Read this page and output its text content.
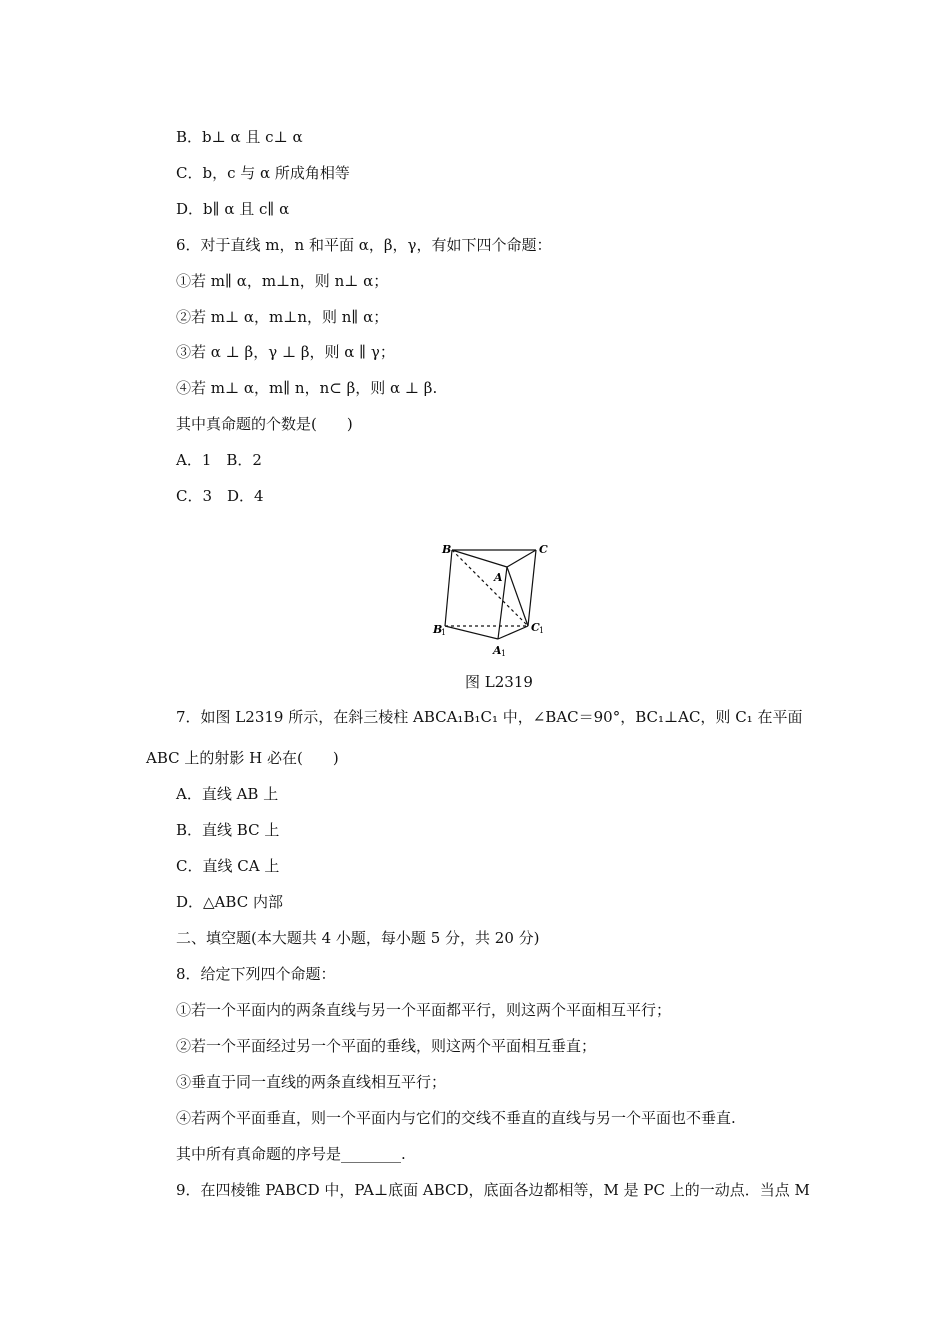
B．b⊥ α 且 c⊥ α
C．b，c 与 α 所成角相等
D．b∥ α 且 c∥ α
6．对于直线 m，n 和平面 α，β，γ，有如下四个命题：
①若 m∥ α，m⊥n，则 n⊥ α；
②若 m⊥ α，m⊥n，则 n∥ α；
③若 α ⊥ β，γ ⊥ β，则 α ∥ γ；
④若 m⊥ α，m∥ n，n⊂ β，则 α ⊥ β.
其中真命题的个数是(　　)
A．1　B．2
C．3　D．4
B	C
A
B
1	C 1
A 1
图 L2319
7．如图 L2319 所示，在斜三棱柱 ABCA₁B₁C₁ 中，∠BAC＝90°，BC₁⊥AC，则 C₁ 在平面
ABC 上的射影 H 必在(　　)
A．直线 AB 上
B．直线 BC 上
C．直线 CA 上
D．△ABC 内部
二、填空题(本大题共 4 小题，每小题 5 分，共 20 分)
8．给定下列四个命题：
①若一个平面内的两条直线与另一个平面都平行，则这两个平面相互平行；
②若一个平面经过另一个平面的垂线，则这两个平面相互垂直；
③垂直于同一直线的两条直线相互平行；
④若两个平面垂直，则一个平面内与它们的交线不垂直的直线与另一个平面也不垂直.
其中所有真命题的序号是________.
9．在四棱锥 PABCD 中，PA⊥底面 ABCD，底面各边都相等，M 是 PC 上的一动点．当点 M
